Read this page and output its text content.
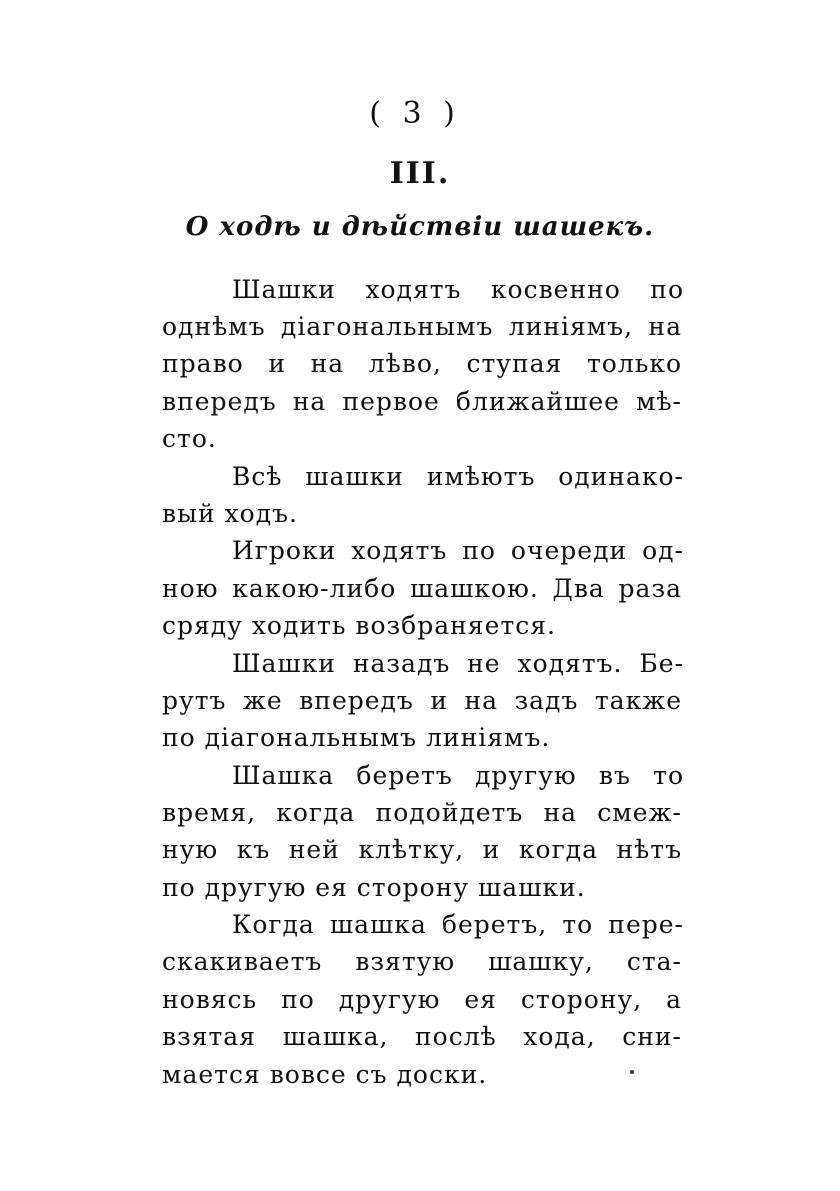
( 3 )
III.
О ходѣ и дѣйствіи шашекъ.
Шашки ходятъ косвенно по
однѣмъ діагональнымъ линіямъ, на
право и на лѣво, ступая только
впередъ на первое ближайшее мѣ-
сто.
Всѣ шашки имѣютъ одинако-
вый ходъ.
Игроки ходятъ по очереди од-
ною какою-либо шашкою. Два раза
сряду ходить возбраняется.
Шашки назадъ не ходятъ. Бе-
рутъ же впередъ и на задъ также
по діагональнымъ линіямъ.
Шашка беретъ другую въ то
время, когда подойдетъ на смеж-
ную къ ней клѣтку, и когда нѣтъ
по другую ея сторону шашки.
Когда шашка беретъ, то пере-
скакиваетъ взятую шашку, ста-
новясь по другую ея сторону, а
взятая шашка, послѣ хода, сни-
мается вовсе съ доски.
